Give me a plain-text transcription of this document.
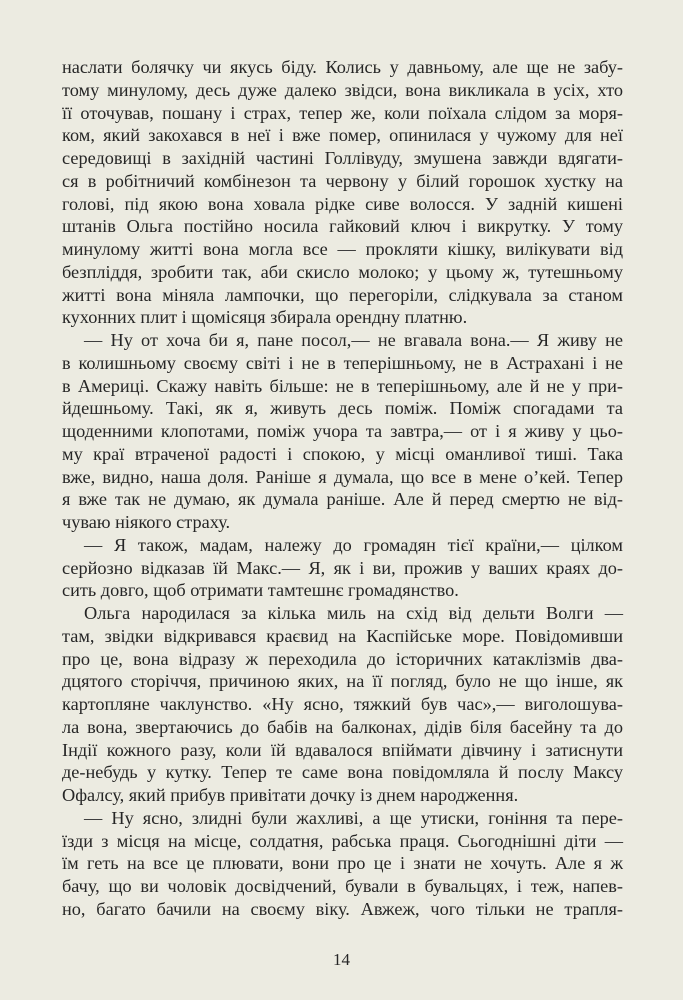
наслати болячку чи якусь біду. Колись у давньому, але ще не забу-
тому минулому, десь дуже далеко звідси, вона викликала в усіх, хто
її оточував, пошану і страх, тепер же, коли поїхала слідом за моря-
ком, який закохався в неї і вже помер, опинилася у чужому для неї
середовищі в західній частині Голлівуду, змушена завжди вдягати-
ся в робітничий комбінезон та червону у білий горошок хустку на
голові, під якою вона ховала рідке сиве волосся. У задній кишені
штанів Ольга постійно носила гайковий ключ і викрутку. У тому
минулому житті вона могла все — прокляти кішку, вилікувати від
безпліддя, зробити так, аби скисло молоко; у цьому ж, тутешньому
житті вона міняла лампочки, що перегоріли, слідкувала за станом
кухонних плит і щомісяця збирала орендну платню.
— Ну от хоча би я, пане посол,— не вгавала вона.— Я живу не
в колишньому своєму світі і не в теперішньому, не в Астрахані і не
в Америці. Скажу навіть більше: не в теперішньому, але й не у при-
йдешньому. Такі, як я, живуть десь поміж. Поміж спогадами та
щоденними клопотами, поміж учора та завтра,— от і я живу у цьо-
му краї втраченої радості і спокою, у місці оманливої тиші. Така
вже, видно, наша доля. Раніше я думала, що все в мене о’кей. Тепер
я вже так не думаю, як думала раніше. Але й перед смертю не від-
чуваю ніякого страху.
— Я також, мадам, належу до громадян тієї країни,— цілком
серйозно відказав їй Макс.— Я, як і ви, прожив у ваших краях до-
сить довго, щоб отримати тамтешнє громадянство.
Ольга народилася за кілька миль на схід від дельти Волги —
там, звідки відкривався краєвид на Каспійське море. Повідомивши
про це, вона відразу ж переходила до історичних катаклізмів два-
дцятого сторіччя, причиною яких, на її погляд, було не що інше, як
картопляне чаклунство. «Ну ясно, тяжкий був час»,— виголошува-
ла вона, звертаючись до бабів на балконах, дідів біля басейну та до
Індії кожного разу, коли їй вдавалося впіймати дівчину і затиснути
де-небудь у кутку. Тепер те саме вона повідомляла й послу Максу
Офалсу, який прибув привітати дочку із днем народження.
— Ну ясно, злидні були жахливі, а ще утиски, гоніння та пере-
їзди з місця на місце, солдатня, рабська праця. Сьогоднішні діти —
їм геть на все це плювати, вони про це і знати не хочуть. Але я ж
бачу, що ви чоловік досвідчений, бували в бувальцях, і теж, напев-
но, багато бачили на своєму віку. Авжеж, чого тільки не трапля-
14
